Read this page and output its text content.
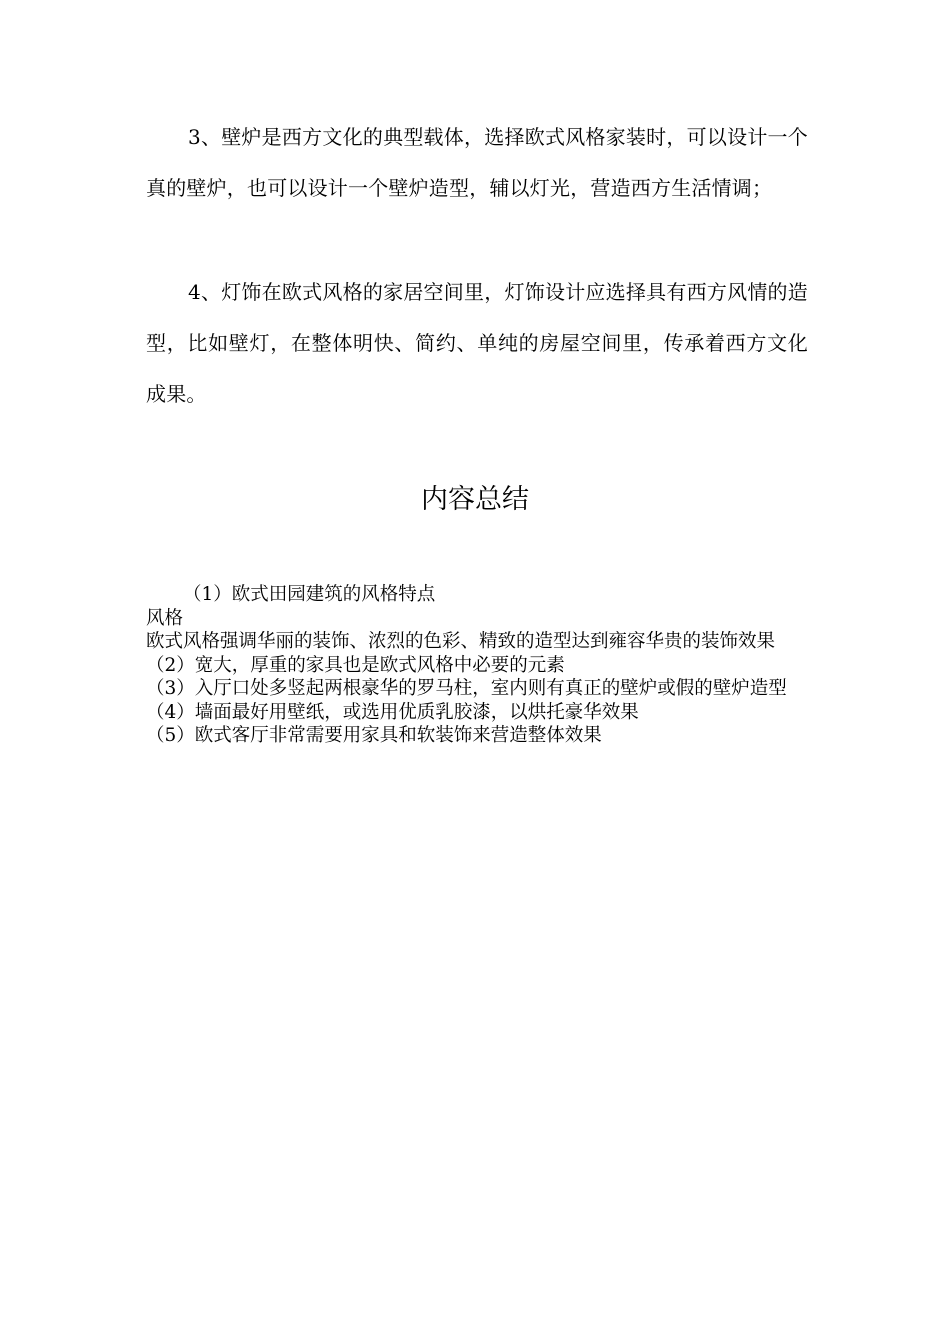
3、壁炉是西方文化的典型载体，选择欧式风格家装时，可以设计一个真的壁炉，也可以设计一个壁炉造型，辅以灯光，营造西方生活情调；

4、灯饰在欧式风格的家居空间里，灯饰设计应选择具有西方风情的造型，比如壁灯，在整体明快、简约、单纯的房屋空间里，传承着西方文化成果。

内容总结

（1）欧式田园建筑的风格特点

风格

欧式风格强调华丽的装饰、浓烈的色彩、精致的造型达到雍容华贵的装饰效果

（2）宽大，厚重的家具也是欧式风格中必要的元素

（3）入厅口处多竖起两根豪华的罗马柱，室内则有真正的壁炉或假的壁炉造型

（4）墙面最好用壁纸，或选用优质乳胶漆，以烘托豪华效果

（5）欧式客厅非常需要用家具和软装饰来营造整体效果
